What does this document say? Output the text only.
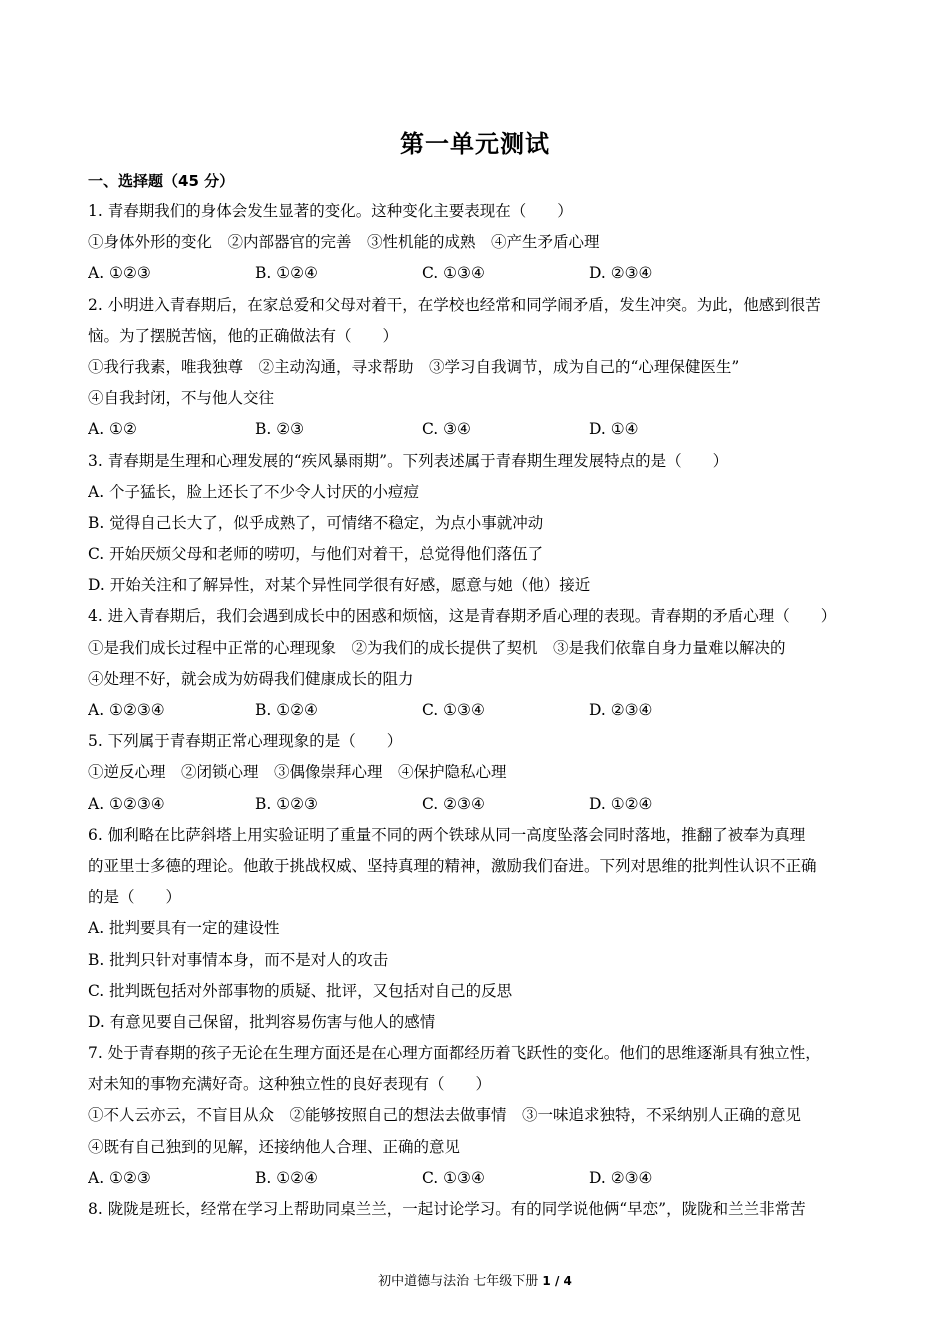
第一单元测试
一、选择题（45 分）
1. 青春期我们的身体会发生显著的变化。这种变化主要表现在（　　）
①身体外形的变化　②内部器官的完善　③性机能的成熟　④产生矛盾心理
A. ①②③	B. ①②④	C. ①③④	D. ②③④
2. 小明进入青春期后，在家总爱和父母对着干，在学校也经常和同学闹矛盾，发生冲突。为此，他感到很苦
恼。为了摆脱苦恼，他的正确做法有（　　）
①我行我素，唯我独尊　②主动沟通，寻求帮助　③学习自我调节，成为自己的“心理保健医生”
④自我封闭，不与他人交往
A. ①②	B. ②③	C. ③④	D. ①④
3. 青春期是生理和心理发展的“疾风暴雨期”。下列表述属于青春期生理发展特点的是（　　）
A. 个子猛长，脸上还长了不少令人讨厌的小痘痘
B. 觉得自己长大了，似乎成熟了，可情绪不稳定，为点小事就冲动
C. 开始厌烦父母和老师的唠叨，与他们对着干，总觉得他们落伍了
D. 开始关注和了解异性，对某个异性同学很有好感，愿意与她（他）接近
4. 进入青春期后，我们会遇到成长中的困惑和烦恼，这是青春期矛盾心理的表现。青春期的矛盾心理（　　）
①是我们成长过程中正常的心理现象　②为我们的成长提供了契机　③是我们依靠自身力量难以解决的
④处理不好，就会成为妨碍我们健康成长的阻力
A. ①②③④	B. ①②④	C. ①③④	D. ②③④
5. 下列属于青春期正常心理现象的是（　　）
①逆反心理　②闭锁心理　③偶像崇拜心理　④保护隐私心理
A. ①②③④	B. ①②③	C. ②③④	D. ①②④
6. 伽利略在比萨斜塔上用实验证明了重量不同的两个铁球从同一高度坠落会同时落地，推翻了被奉为真理
的亚里士多德的理论。他敢于挑战权威、坚持真理的精神，激励我们奋进。下列对思维的批判性认识不正确
的是（　　）
A. 批判要具有一定的建设性
B. 批判只针对事情本身，而不是对人的攻击
C. 批判既包括对外部事物的质疑、批评，又包括对自己的反思
D. 有意见要自己保留，批判容易伤害与他人的感情
7. 处于青春期的孩子无论在生理方面还是在心理方面都经历着飞跃性的变化。他们的思维逐渐具有独立性，
对未知的事物充满好奇。这种独立性的良好表现有（　　）
①不人云亦云，不盲目从众　②能够按照自己的想法去做事情　③一味追求独特，不采纳别人正确的意见
④既有自己独到的见解，还接纳他人合理、正确的意见
A. ①②③	B. ①②④	C. ①③④	D. ②③④
8. 陇陇是班长，经常在学习上帮助同桌兰兰，一起讨论学习。有的同学说他俩“早恋”，陇陇和兰兰非常苦
初中道德与法治 七年级下册 1 / 4
